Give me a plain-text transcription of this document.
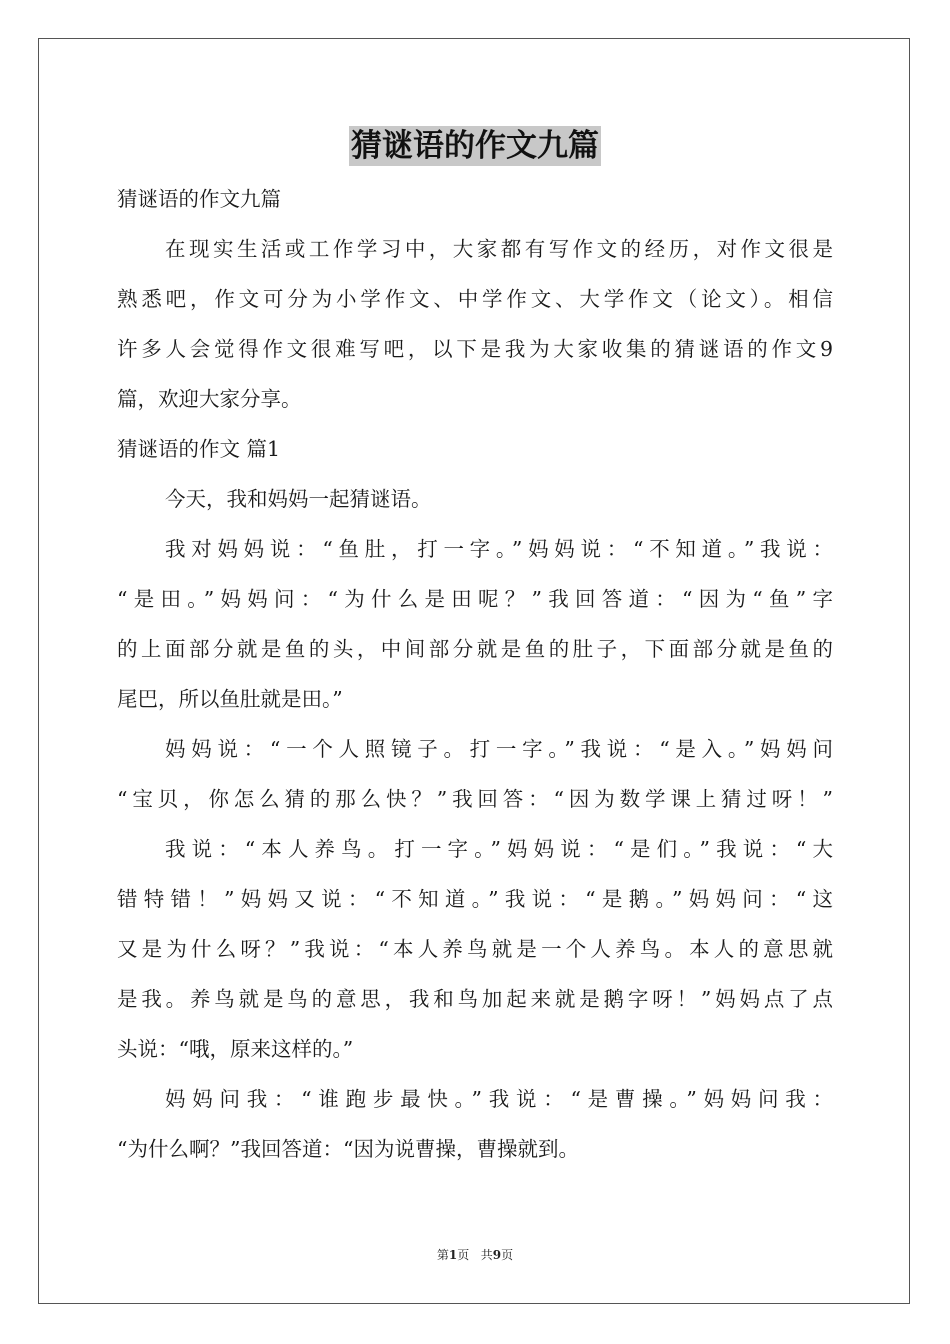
猜谜语的作文九篇
猜谜语的作文九篇
在现实生活或工作学习中，大家都有写作文的经历，对作文很是
熟悉吧，作文可分为小学作文、中学作文、大学作文（论文）。相信
许多人会觉得作文很难写吧，以下是我为大家收集的猜谜语的作文9
篇，欢迎大家分享。
猜谜语的作文 篇1
今天，我和妈妈一起猜谜语。
我对妈妈说：“鱼肚，打一字。”妈妈说：“不知道。”我说：
“是田。”妈妈问：“为什么是田呢？”我回答道：“因为“鱼”字
的上面部分就是鱼的头，中间部分就是鱼的肚子，下面部分就是鱼的
尾巴，所以鱼肚就是田。”
妈妈说：“一个人照镜子。打一字。”我说：“是入。”妈妈问
“宝贝，你怎么猜的那么快？”我回答：“因为数学课上猜过呀！”
我说：“本人养鸟。打一字。”妈妈说：“是们。”我说：“大
错特错！”妈妈又说：“不知道。”我说：“是鹅。”妈妈问：“这
又是为什么呀？”我说：“本人养鸟就是一个人养鸟。本人的意思就
是我。养鸟就是鸟的意思，我和鸟加起来就是鹅字呀！”妈妈点了点
头说：“哦，原来这样的。”
妈妈问我：“谁跑步最快。”我说：“是曹操。”妈妈问我：
“为什么啊？”我回答道：“因为说曹操，曹操就到。
第1页 共9页
